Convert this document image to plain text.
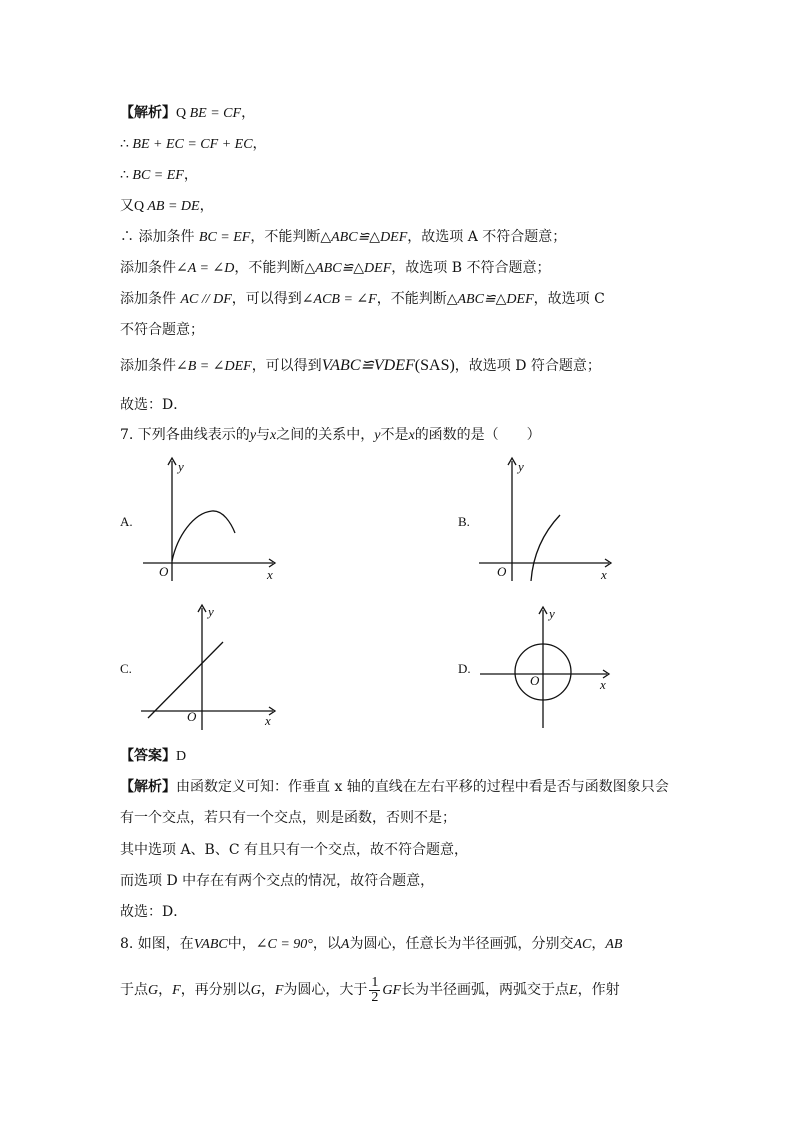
【解析】Q BE = CF，
∴ BE + EC = CF + EC，
∴ BC = EF，
又Q AB = DE，
∴ 添加条件 BC = EF，不能判断△ABC≌△DEF，故选项 A 不符合题意；
添加条件∠A = ∠D，不能判断△ABC≌△DEF，故选项 B 不符合题意；
添加条件 AC // DF，可以得到∠ACB = ∠F，不能判断△ABC≌△DEF，故选项 C
不符合题意；
添加条件∠B = ∠DEF，可以得到VABC≌VDEF(SAS)，故选项 D 符合题意；
故选：D．
7. 下列各曲线表示的y与x之间的关系中，y不是x的函数的是（　　）
A.	B.
C.	D.
x
y
O	x
y
O
x
y
O
x
y
O
【答案】D
【解析】由函数定义可知：作垂直 x 轴的直线在左右平移的过程中看是否与函数图象只会
有一个交点，若只有一个交点，则是函数，否则不是；
其中选项 A、B、C 有且只有一个交点，故不符合题意，
而选项 D 中存在有两个交点的情况，故符合题意，
故选：D．
8. 如图，在VABC中，∠C = 90°，以A为圆心，任意长为半径画弧，分别交AC，AB
于点G，F，再分别以G，F为圆心，大于 $\frac{1}{2}$ GF长为半径画弧，两弧交于点E，作射
